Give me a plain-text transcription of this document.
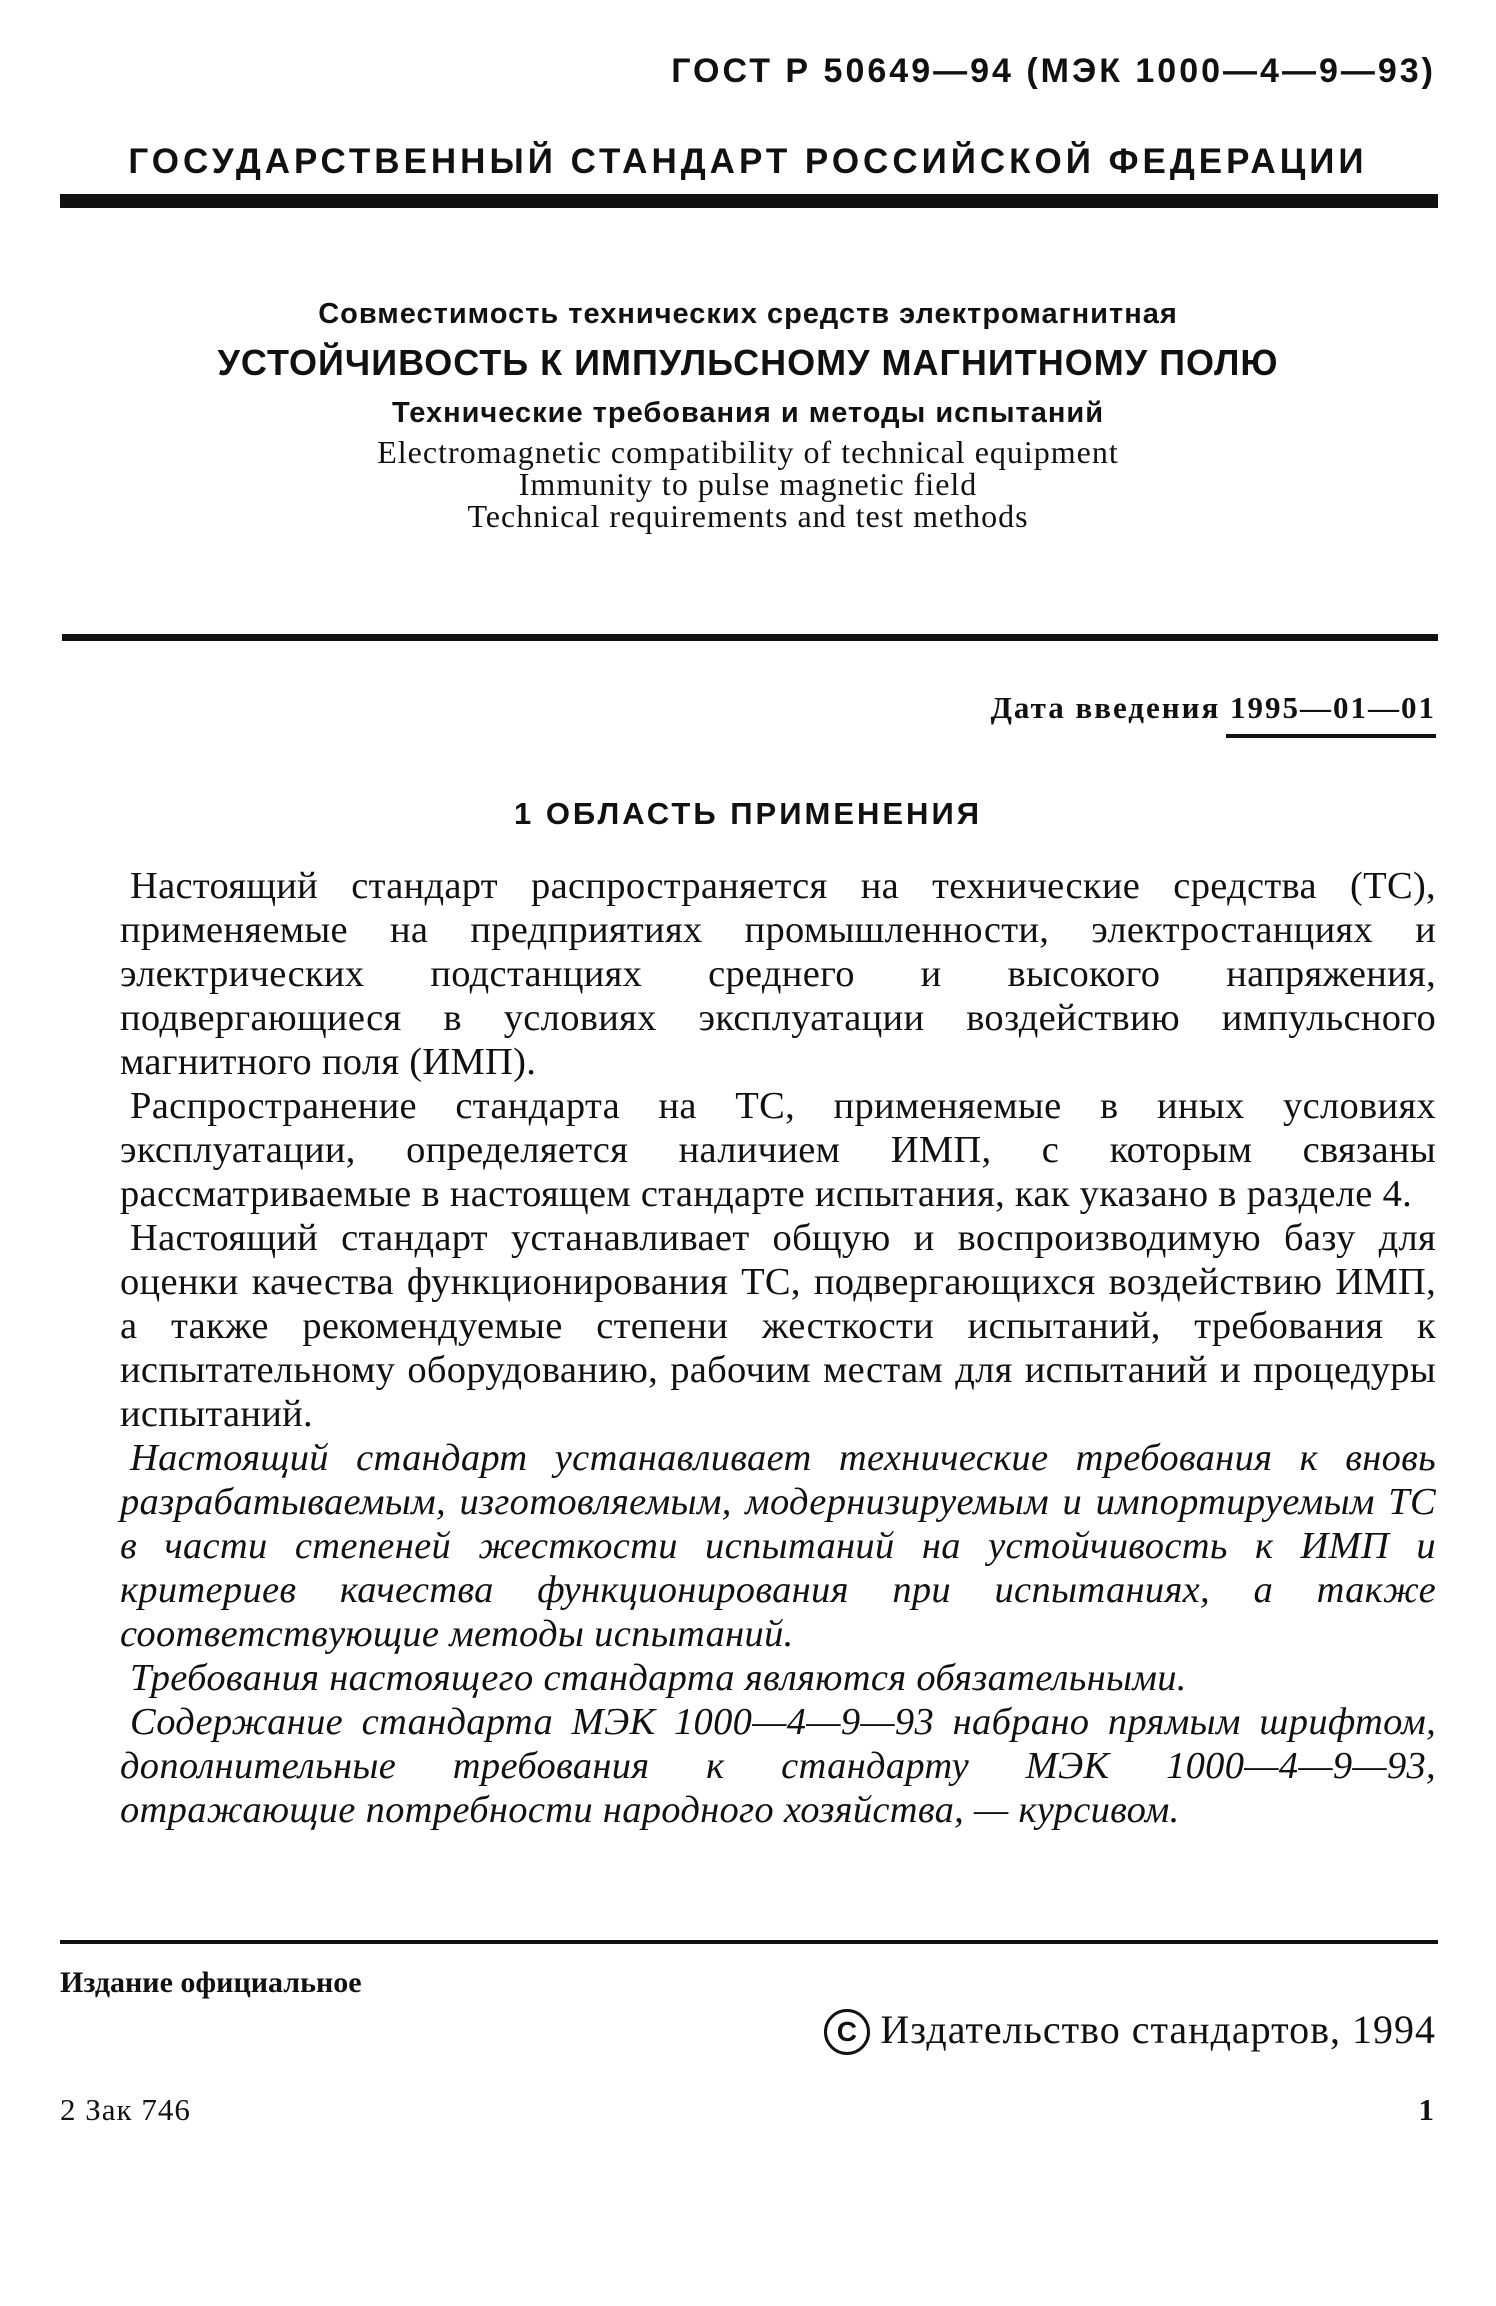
ГОСТ Р 50649—94 (МЭК 1000—4—9—93)
ГОСУДАРСТВЕННЫЙ СТАНДАРТ РОССИЙСКОЙ ФЕДЕРАЦИИ
Совместимость технических средств электромагнитная
УСТОЙЧИВОСТЬ К ИМПУЛЬСНОМУ МАГНИТНОМУ ПОЛЮ
Технические требования и методы испытаний
Electromagnetic compatibility of technical equipment
Immunity to pulse magnetic field
Technical requirements and test methods
Дата введения 1995—01—01
1 ОБЛАСТЬ ПРИМЕНЕНИЯ

Настоящий стандарт распространяется на технические средства (ТС), применяемые на предприятиях промышленности, электростанциях и электрических подстанциях среднего и высокого напряжения, подвергающиеся в условиях эксплуатации воздействию импульсного магнитного поля (ИМП).

Распространение стандарта на ТС, применяемые в иных условиях эксплуатации, определяется наличием ИМП, с которым связаны рассматриваемые в настоящем стандарте испытания, как указано в разделе 4.

Настоящий стандарт устанавливает общую и воспроизводимую базу для оценки качества функционирования ТС, подвергающихся воздействию ИМП, а также рекомендуемые степени жесткости испытаний, требования к испытательному оборудованию, рабочим местам для испытаний и процедуры испытаний.

Настоящий стандарт устанавливает технические требования к вновь разрабатываемым, изготовляемым, модернизируемым и импортируемым ТС в части степеней жесткости испытаний на устойчивость к ИМП и критериев качества функционирования при испытаниях, а также соответствующие методы испытаний.

Требования настоящего стандарта являются обязательными.

Содержание стандарта МЭК 1000—4—9—93 набрано прямым шрифтом, дополнительные требования к стандарту МЭК 1000—4—9—93, отражающие потребности народного хозяйства, — курсивом.

Издание официальное
C Издательство стандартов, 1994
2 Зак 746	1
